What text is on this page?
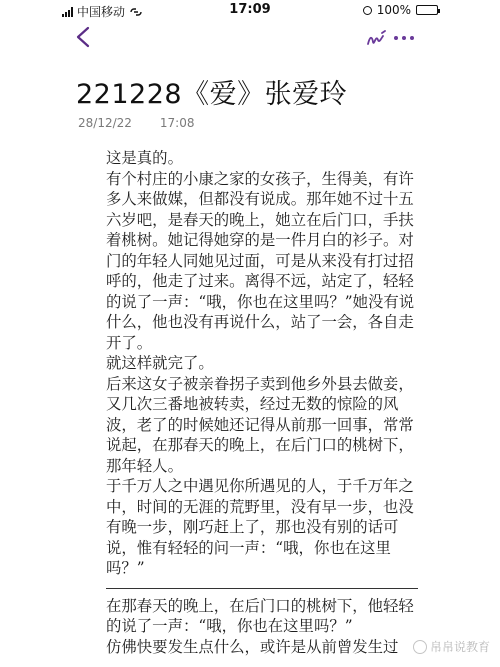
中国移动	17:09	100%
221228《爱》张爱玲
28/12/22 17:08

这是真的。

有个村庄的小康之家的女孩子，生得美，有许多人来做媒，但都没有说成。那年她不过十五六岁吧，是春天的晚上，她立在后门口，手扶着桃树。她记得她穿的是一件月白的衫子。对门的年轻人同她见过面，可是从来没有打过招呼的，他走了过来。离得不远，站定了，轻轻的说了一声：“哦，你也在这里吗？”她没有说什么，他也没有再说什么，站了一会，各自走开了。

就这样就完了。

后来这女子被亲眷拐子卖到他乡外县去做妾，又几次三番地被转卖，经过无数的惊险的风波，老了的时候她还记得从前那一回事，常常说起，在那春天的晚上，在后门口的桃树下，那年轻人。

于千万人之中遇见你所遇见的人，于千万年之中，时间的无涯的荒野里，没有早一步，也没有晚一步，刚巧赶上了，那也没有别的话可说，惟有轻轻的问一声：“哦，你也在这里吗？”

在那春天的晚上，在后门口的桃树下，他轻轻的说了一声：“哦，你也在这里吗？”

仿佛快要发生点什么，或许是从前曾发生过	帛帛说教育
